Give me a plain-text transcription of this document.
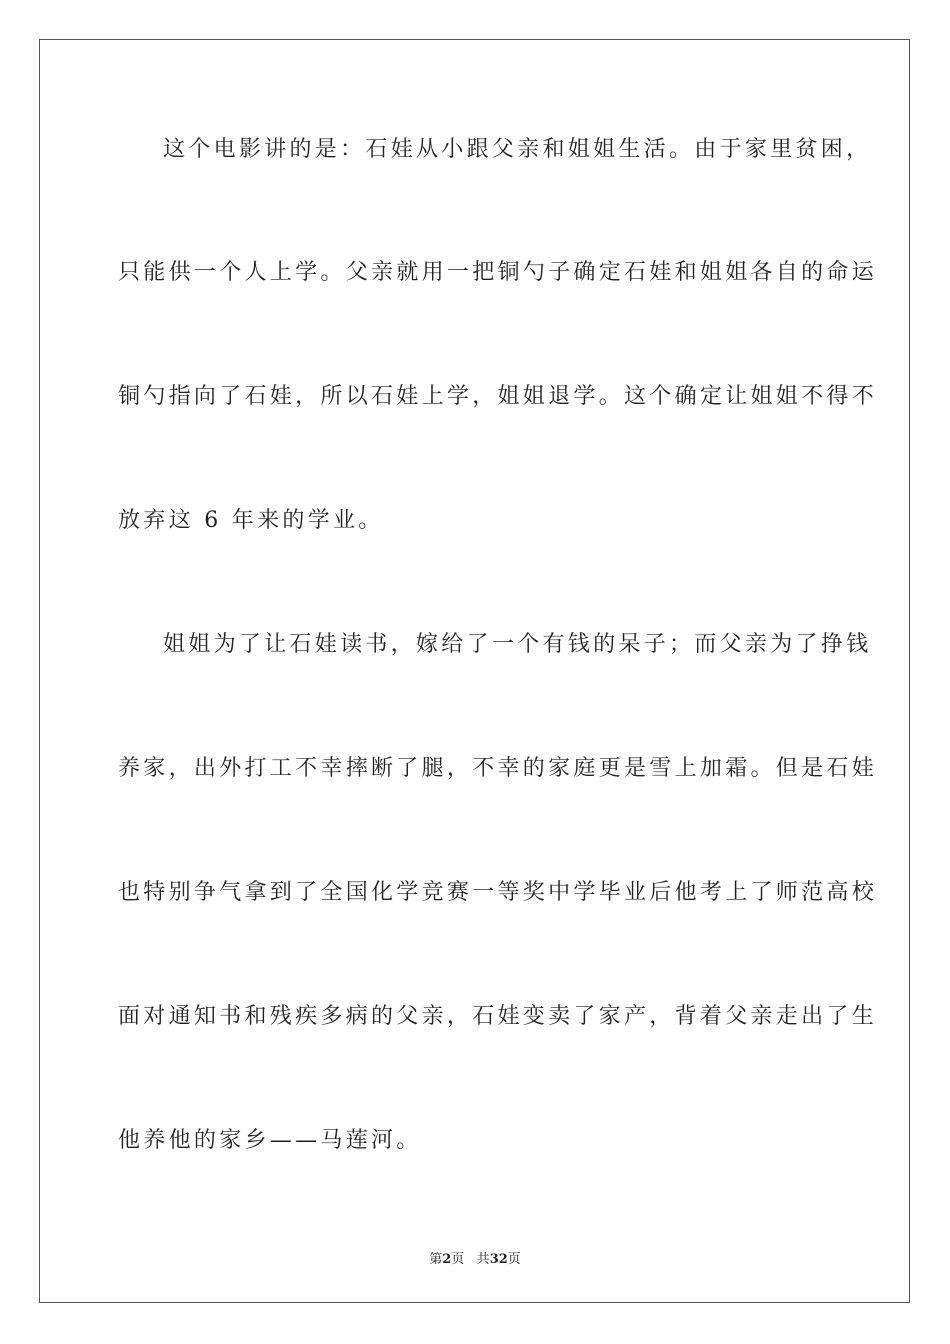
这个电影讲的是：石娃从小跟父亲和姐姐生活。由于家里贫困，
只能供一个人上学。父亲就用一把铜勺子确定石娃和姐姐各自的命运
铜勺指向了石娃，所以石娃上学，姐姐退学。这个确定让姐姐不得不
放弃这 6 年来的学业。
姐姐为了让石娃读书，嫁给了一个有钱的呆子；而父亲为了挣钱
养家，出外打工不幸摔断了腿，不幸的家庭更是雪上加霜。但是石娃
也特别争气拿到了全国化学竞赛一等奖中学毕业后他考上了师范高校
面对通知书和残疾多病的父亲，石娃变卖了家产，背着父亲走出了生
他养他的家乡——马莲河。
第2页 共32页
